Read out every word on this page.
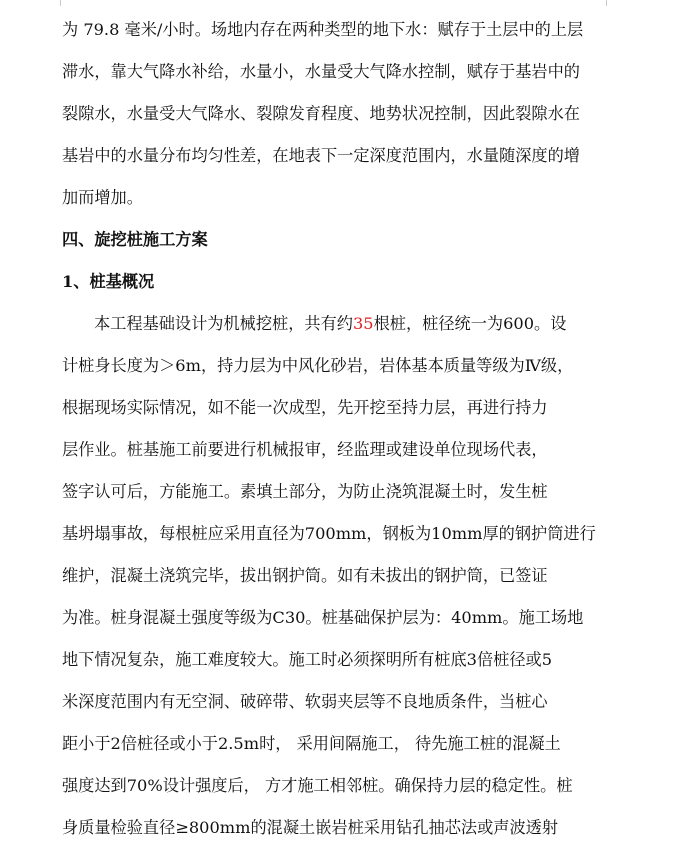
为 79.8 毫米/小时。场地内存在两种类型的地下水：赋存于土层中的上层
滞水，靠大气降水补给，水量小，水量受大气降水控制，赋存于基岩中的
裂隙水，水量受大气降水、裂隙发育程度、地势状况控制，因此裂隙水在
基岩中的水量分布均匀性差，在地表下一定深度范围内，水量随深度的增
加而增加。
四、旋挖桩施工方案
1、桩基概况
本工程基础设计为机械挖桩，共有约35根桩，桩径统一为600。设
计桩身长度为＞6m，持力层为中风化砂岩，岩体基本质量等级为Ⅳ级，
根据现场实际情况，如不能一次成型，先开挖至持力层，再进行持力
层作业。桩基施工前要进行机械报审，经监理或建设单位现场代表，
签字认可后，方能施工。素填土部分，为防止浇筑混凝土时，发生桩
基坍塌事故，每根桩应采用直径为700mm，钢板为10mm厚的钢护筒进行
维护，混凝土浇筑完毕，拔出钢护筒。如有未拔出的钢护筒，已签证
为准。桩身混凝土强度等级为C30。桩基础保护层为：40mm。施工场地
地下情况复杂，施工难度较大。施工时必须探明所有桩底3倍桩径或5
米深度范围内有无空洞、破碎带、软弱夹层等不良地质条件，当桩心
距小于2倍桩径或小于2.5m时， 采用间隔施工， 待先施工桩的混凝土
强度达到70%设计强度后， 方才施工相邻桩。确保持力层的稳定性。桩
身质量检验直径≥800mm的混凝土嵌岩桩采用钻孔抽芯法或声波透射
